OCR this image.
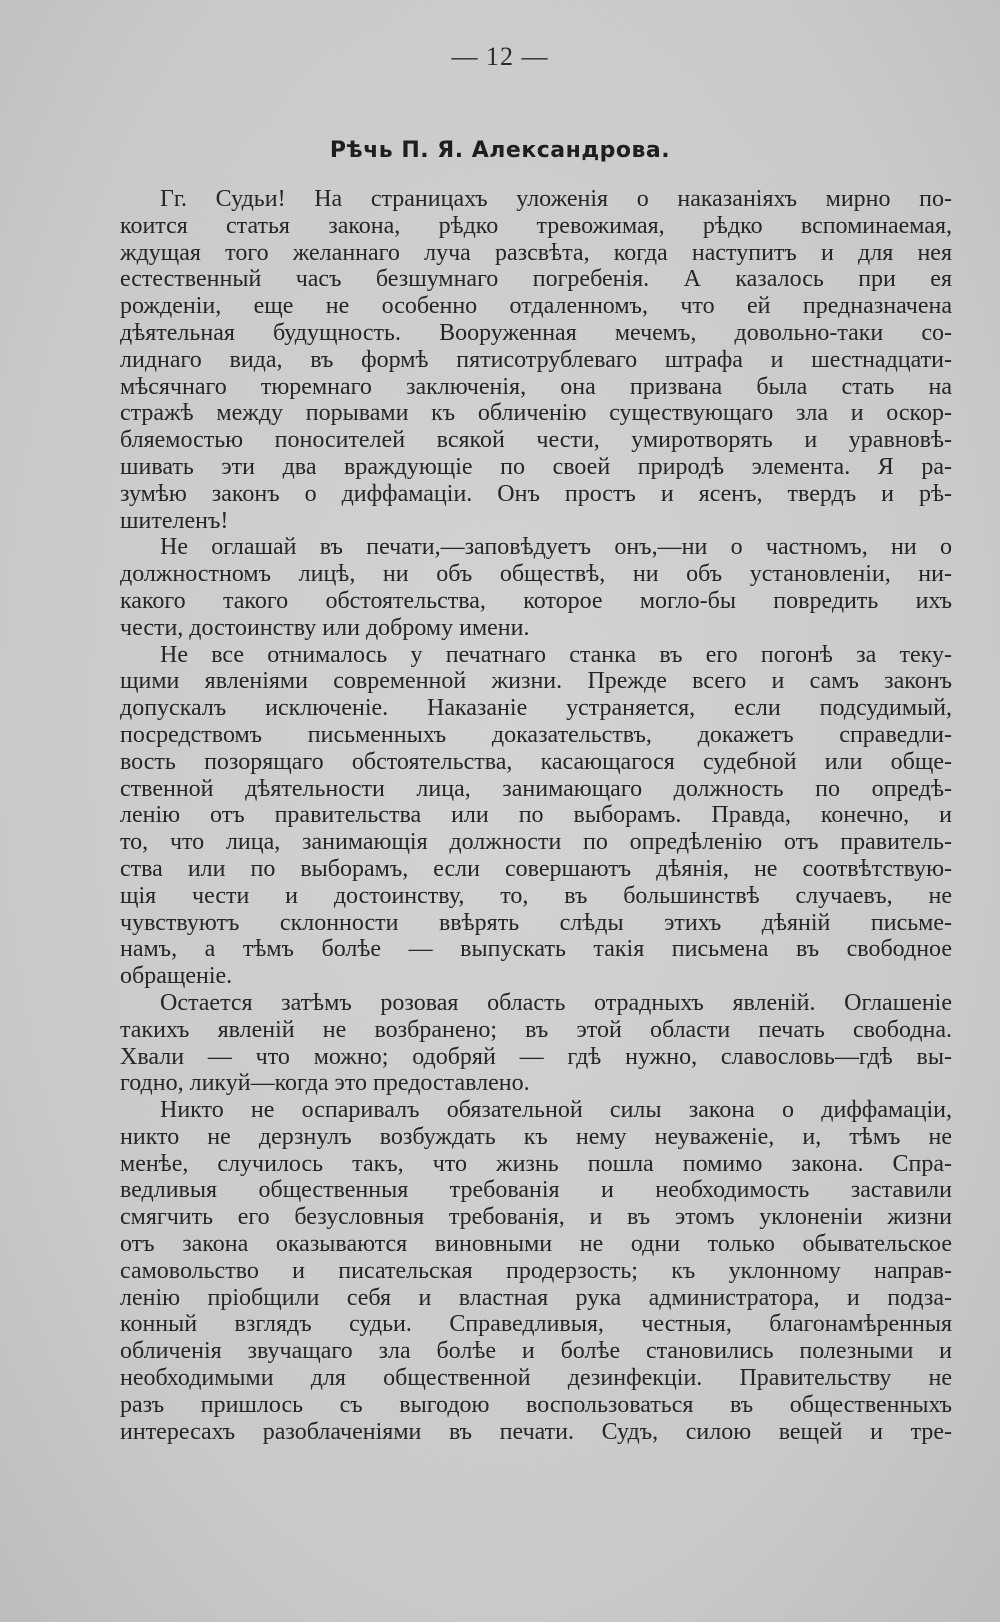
— 12 —
Рѣчь П. Я. Александрова.
Гг. Судьи! На страницахъ уложенія о наказаніяхъ мирно по-
коится статья закона, рѣдко тревожимая, рѣдко вспоминаемая,
ждущая того желаннаго луча разсвѣта, когда наступитъ и для нея
естественный часъ безшумнаго погребенія. А казалось при ея
рожденіи, еще не особенно отдаленномъ, что ей предназначена
дѣятельная будущность. Вооруженная мечемъ, довольно-таки со-
лиднаго вида, въ формѣ пятисотрублеваго штрафа и шестнадцати-
мѣсячнаго тюремнаго заключенія, она призвана была стать на
стражѣ между порывами къ обличенію существующаго зла и оскор-
бляемостью поносителей всякой чести, умиротворять и уравновѣ-
шивать эти два враждующіе по своей природѣ элемента. Я ра-
зумѣю законъ о диффамаціи. Онъ простъ и ясенъ, твердъ и рѣ-
шителенъ!
Не оглашай въ печати,—заповѣдуетъ онъ,—ни о частномъ, ни о
должностномъ лицѣ, ни объ обществѣ, ни объ установленіи, ни-
какого такого обстоятельства, которое могло-бы повредить ихъ
чести, достоинству или доброму имени.
Не все отнималось у печатнаго станка въ его погонѣ за теку-
щими явленіями современной жизни. Прежде всего и самъ законъ
допускалъ исключеніе. Наказаніе устраняется, если подсудимый,
посредствомъ письменныхъ доказательствъ, докажетъ справедли-
вость позорящаго обстоятельства, касающагося судебной или обще-
ственной дѣятельности лица, занимающаго должность по опредѣ-
ленію отъ правительства или по выборамъ. Правда, конечно, и
то, что лица, занимающія должности по опредѣленію отъ правитель-
ства или по выборамъ, если совершаютъ дѣянія, не соотвѣтствую-
щія чести и достоинству, то, въ большинствѣ случаевъ, не
чувствуютъ склонности ввѣрять слѣды этихъ дѣяній письме-
намъ, а тѣмъ болѣе — выпускать такія письмена въ свободное
обращеніе.
Остается затѣмъ розовая область отрадныхъ явленій. Оглашеніе
такихъ явленій не возбранено; въ этой области печать свободна.
Хвали — что можно; одобряй — гдѣ нужно, славословь—гдѣ вы-
годно, ликуй—когда это предоставлено.
Никто не оспаривалъ обязательной силы закона о диффамаціи,
никто не дерзнулъ возбуждать къ нему неуваженіе, и, тѣмъ не
менѣе, случилось такъ, что жизнь пошла помимо закона. Спра-
ведливыя общественныя требованія и необходимость заставили
смягчить его безусловныя требованія, и въ этомъ уклоненіи жизни
отъ закона оказываются виновными не одни только обывательское
самовольство и писательская продерзость; къ уклонному направ-
ленію пріобщили себя и властная рука администратора, и подза-
конный взглядъ судьи. Справедливыя, честныя, благонамѣренныя
обличенія звучащаго зла болѣе и болѣе становились полезными и
необходимыми для общественной дезинфекціи. Правительству не
разъ пришлось съ выгодою воспользоваться въ общественныхъ
интересахъ разоблаченіями въ печати. Судъ, силою вещей и тре-
